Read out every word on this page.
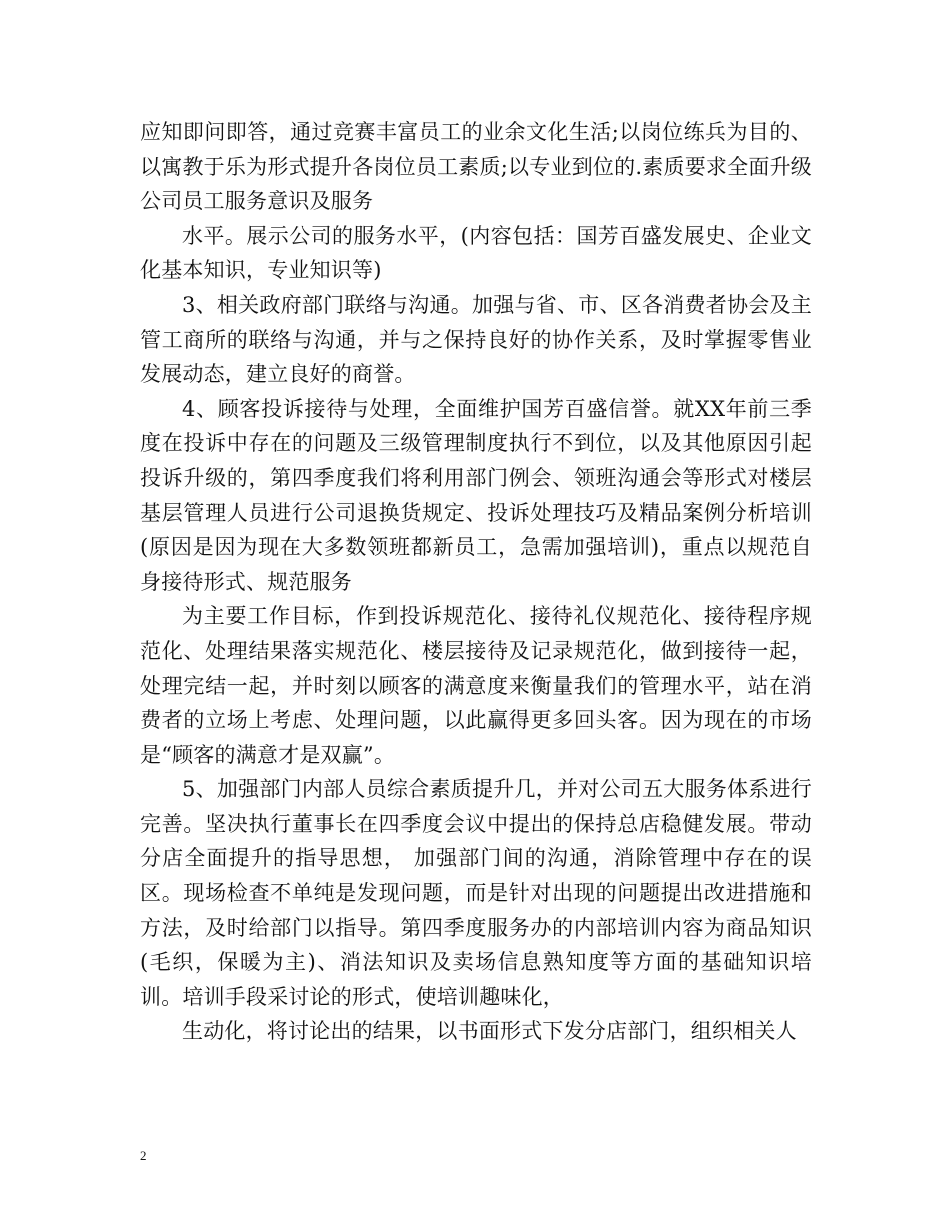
应知即问即答，通过竞赛丰富员工的业余文化生活;以岗位练兵为目的、以寓教于乐为形式提升各岗位员工素质;以专业到位的.素质要求全面升级公司员工服务意识及服务

水平。展示公司的服务水平，(内容包括：国芳百盛发展史、企业文化基本知识，专业知识等)

3、相关政府部门联络与沟通。加强与省、市、区各消费者协会及主管工商所的联络与沟通，并与之保持良好的协作关系，及时掌握零售业发展动态，建立良好的商誉。

4、顾客投诉接待与处理，全面维护国芳百盛信誉。就XX年前三季度在投诉中存在的问题及三级管理制度执行不到位，以及其他原因引起投诉升级的，第四季度我们将利用部门例会、领班沟通会等形式对楼层基层管理人员进行公司退换货规定、投诉处理技巧及精品案例分析培训(原因是因为现在大多数领班都新员工，急需加强培训)，重点以规范自身接待形式、规范服务

为主要工作目标，作到投诉规范化、接待礼仪规范化、接待程序规范化、处理结果落实规范化、楼层接待及记录规范化，做到接待一起，处理完结一起，并时刻以顾客的满意度来衡量我们的管理水平，站在消费者的立场上考虑、处理问题，以此赢得更多回头客。因为现在的市场是“顾客的满意才是双赢”。

5、加强部门内部人员综合素质提升几，并对公司五大服务体系进行完善。坚决执行董事长在四季度会议中提出的保持总店稳健发展。带动分店全面提升的指导思想， 加强部门间的沟通，消除管理中存在的误区。现场检查不单纯是发现问题，而是针对出现的问题提出改进措施和方法，及时给部门以指导。第四季度服务办的内部培训内容为商品知识(毛织，保暖为主)、消法知识及卖场信息熟知度等方面的基础知识培训。培训手段采讨论的形式，使培训趣味化，

生动化，将讨论出的结果，以书面形式下发分店部门，组织相关人

2
